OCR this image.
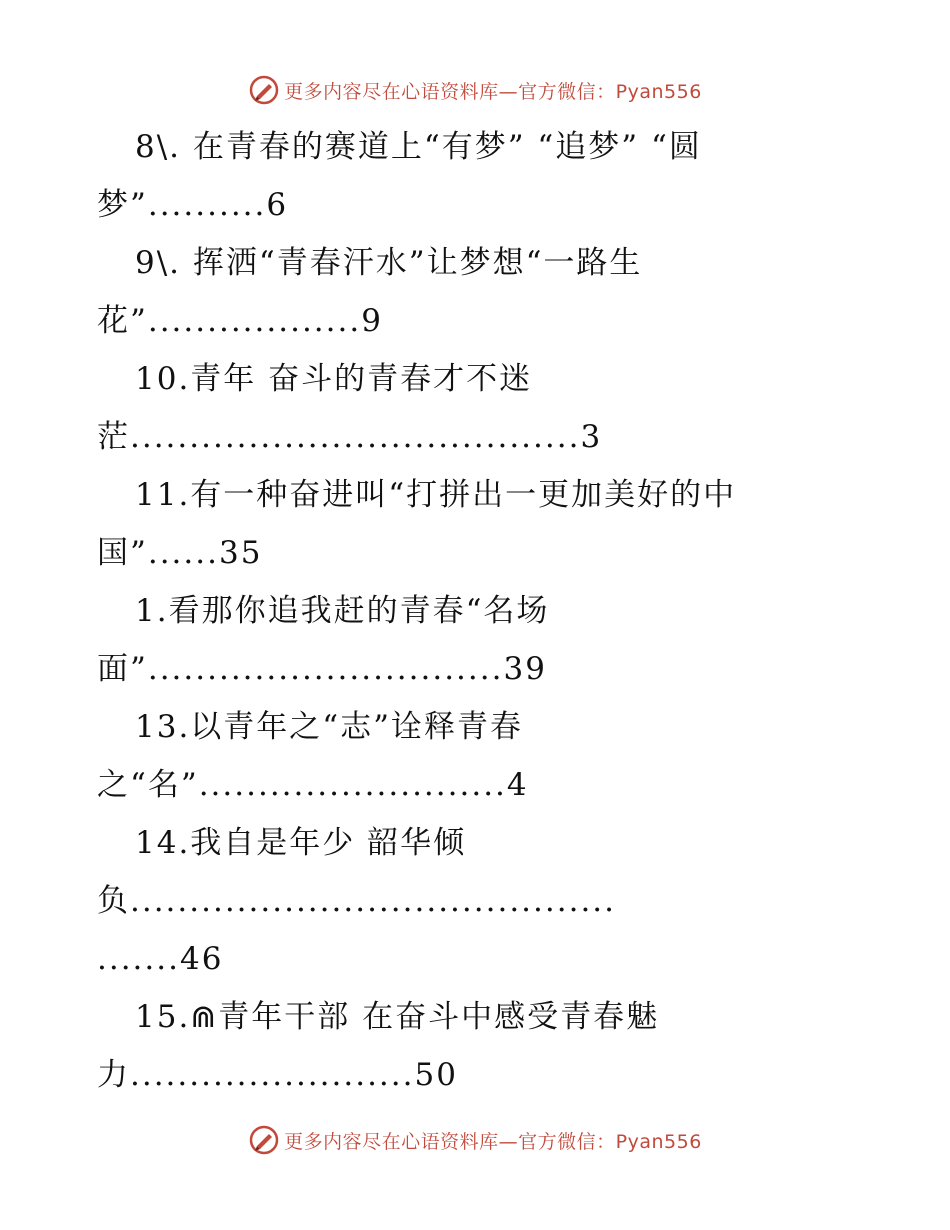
更多内容尽在心语资料库—官方微信：Pyan556
8\. 在青春的赛道上“有梦” “追梦” “圆
梦”..........6
9\. 挥洒“青春汗水”让梦想“一路生
花”..................9
10.青年 奋斗的青春才不迷
茫......................................3
11.有一种奋进叫“打拼出一更加美好的中
国”......35
1.看那你追我赶的青春“名场
面”..............................39
13.以青年之“志”诠释青春
之“名”..........................4
14.我自是年少 韶华倾
负.........................................
.......46
15.⋒青年干部 在奋斗中感受青春魅
力........................50
更多内容尽在心语资料库—官方微信：Pyan556
